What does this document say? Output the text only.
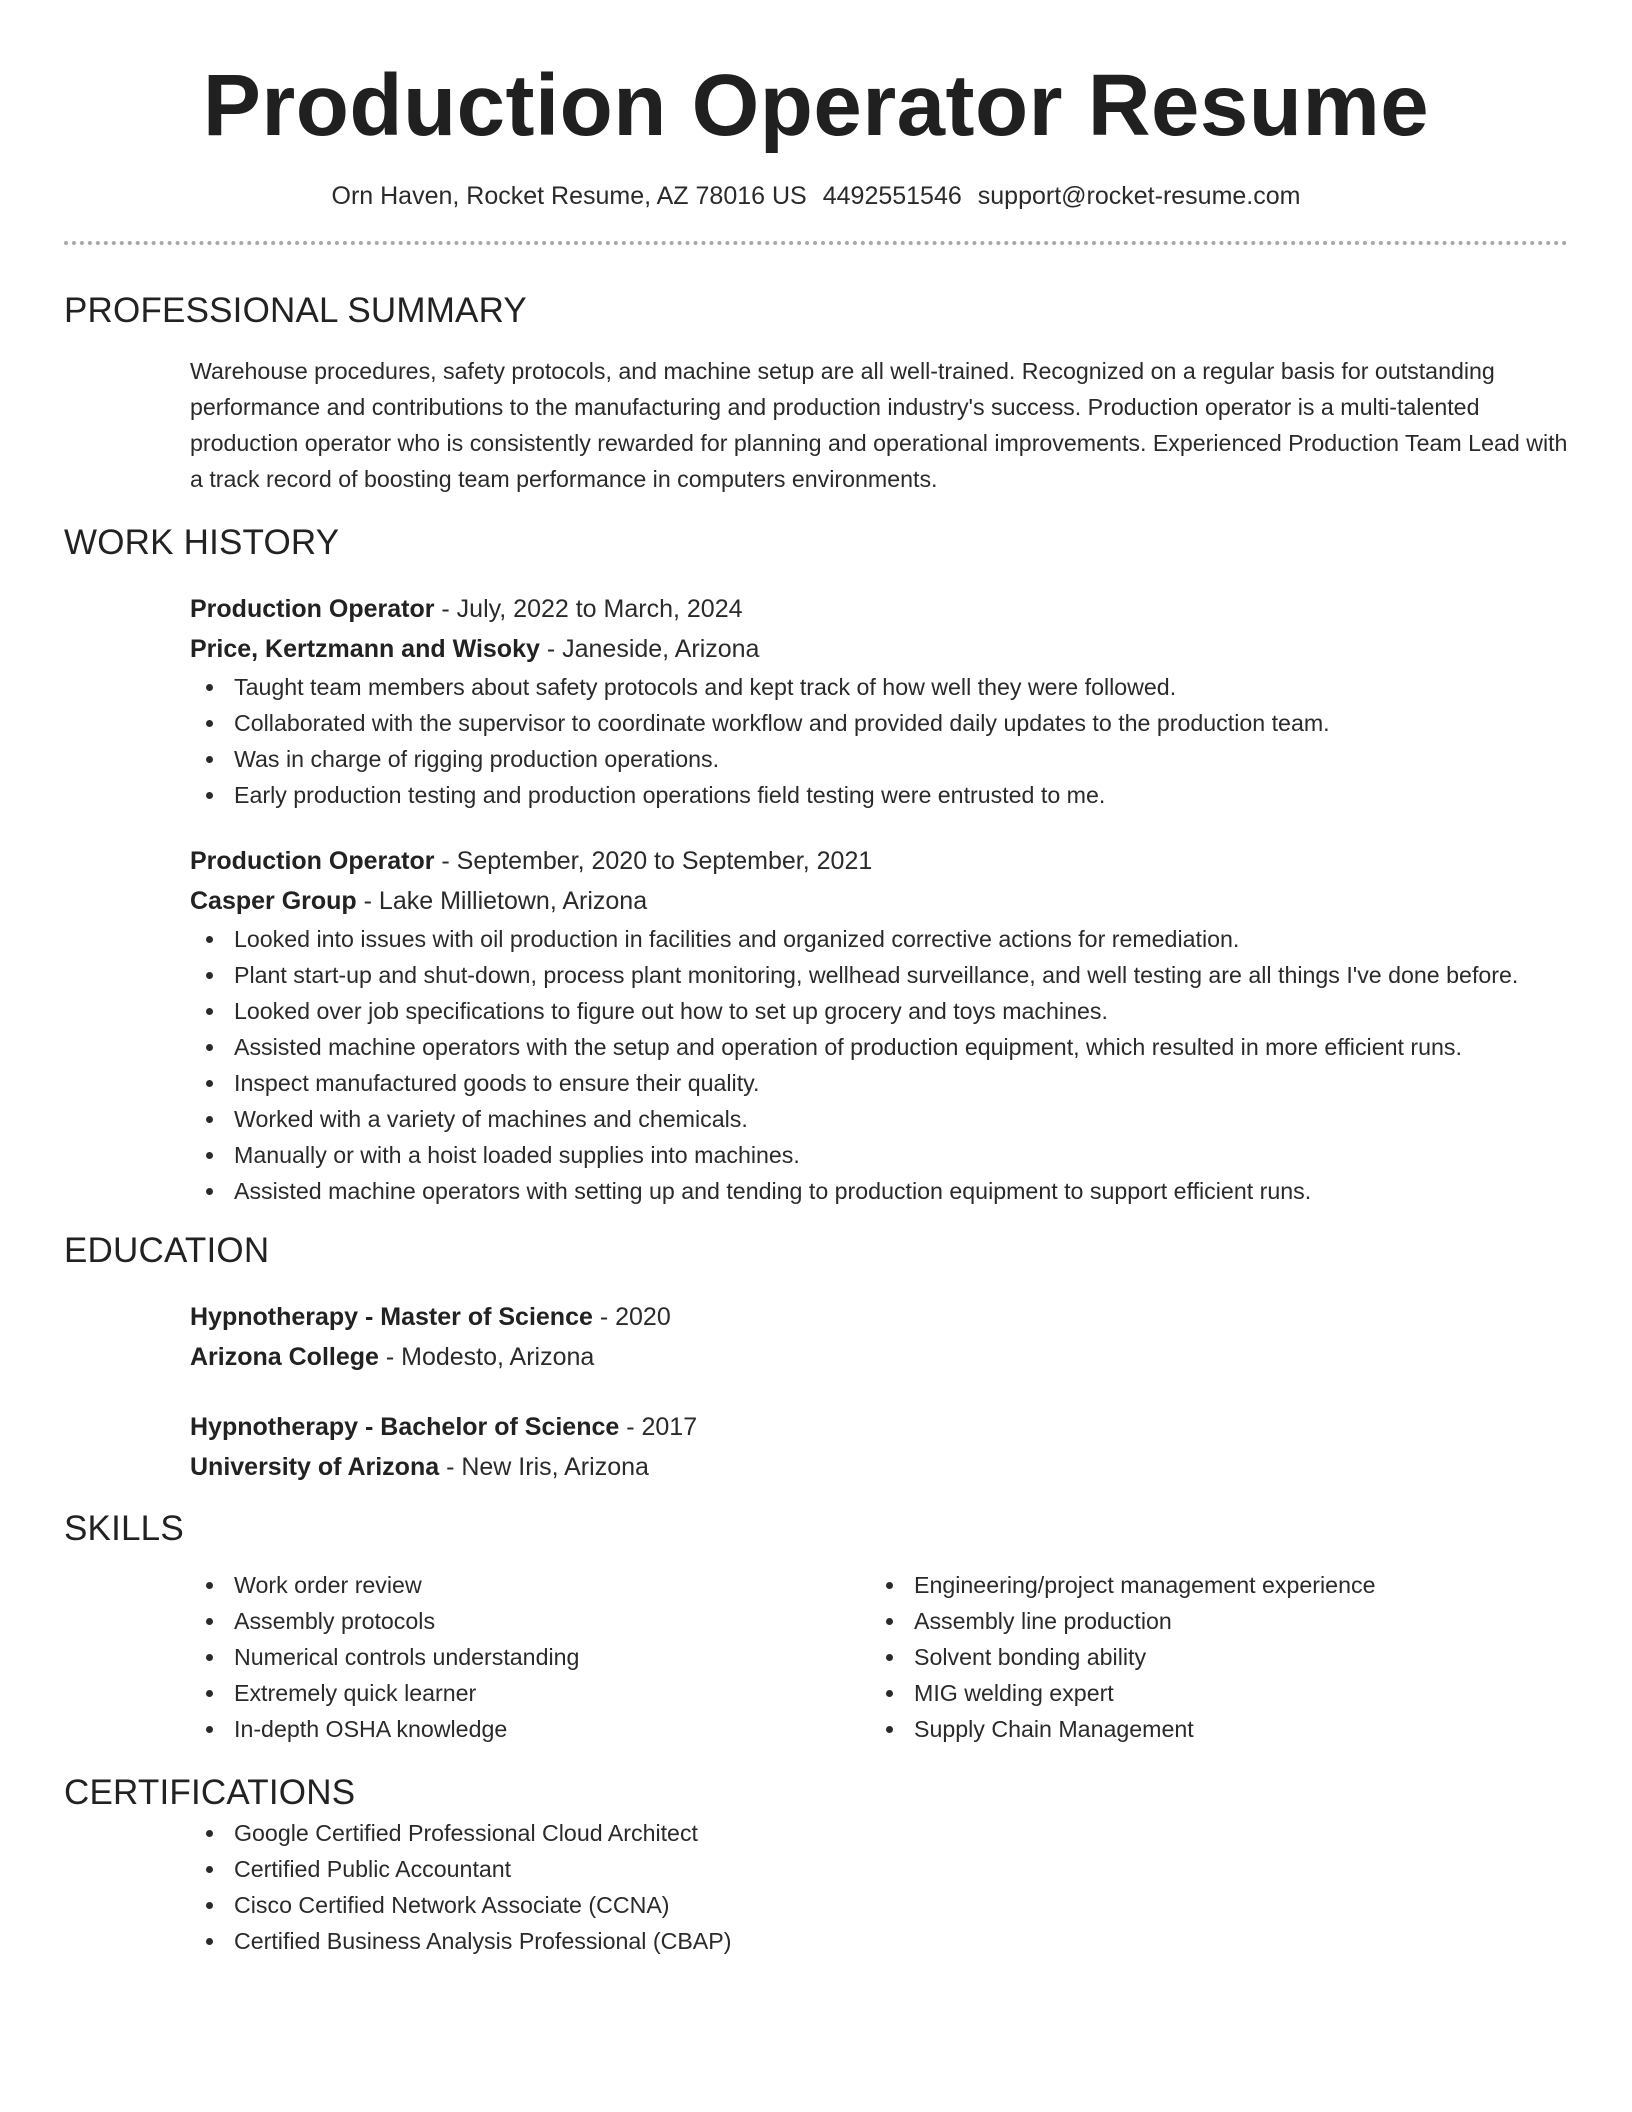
Production Operator Resume
Orn Haven, Rocket Resume, AZ 78016 US 4492551546 support@rocket-resume.com
PROFESSIONAL SUMMARY
Warehouse procedures, safety protocols, and machine setup are all well-trained. Recognized on a regular basis for outstanding performance and contributions to the manufacturing and production industry's success. Production operator is a multi-talented production operator who is consistently rewarded for planning and operational improvements. Experienced Production Team Lead with a track record of boosting team performance in computers environments.
WORK HISTORY
Production Operator - July, 2022 to March, 2024
Price, Kertzmann and Wisoky - Janeside, Arizona
Taught team members about safety protocols and kept track of how well they were followed.
Collaborated with the supervisor to coordinate workflow and provided daily updates to the production team.
Was in charge of rigging production operations.
Early production testing and production operations field testing were entrusted to me.
Production Operator - September, 2020 to September, 2021
Casper Group - Lake Millietown, Arizona
Looked into issues with oil production in facilities and organized corrective actions for remediation.
Plant start-up and shut-down, process plant monitoring, wellhead surveillance, and well testing are all things I've done before.
Looked over job specifications to figure out how to set up grocery and toys machines.
Assisted machine operators with the setup and operation of production equipment, which resulted in more efficient runs.
Inspect manufactured goods to ensure their quality.
Worked with a variety of machines and chemicals.
Manually or with a hoist loaded supplies into machines.
Assisted machine operators with setting up and tending to production equipment to support efficient runs.
EDUCATION
Hypnotherapy - Master of Science - 2020
Arizona College - Modesto, Arizona
Hypnotherapy - Bachelor of Science - 2017
University of Arizona - New Iris, Arizona
SKILLS
Work order review
Assembly protocols
Numerical controls understanding
Extremely quick learner
In-depth OSHA knowledge
Engineering/project management experience
Assembly line production
Solvent bonding ability
MIG welding expert
Supply Chain Management
CERTIFICATIONS
Google Certified Professional Cloud Architect
Certified Public Accountant
Cisco Certified Network Associate (CCNA)
Certified Business Analysis Professional (CBAP)
